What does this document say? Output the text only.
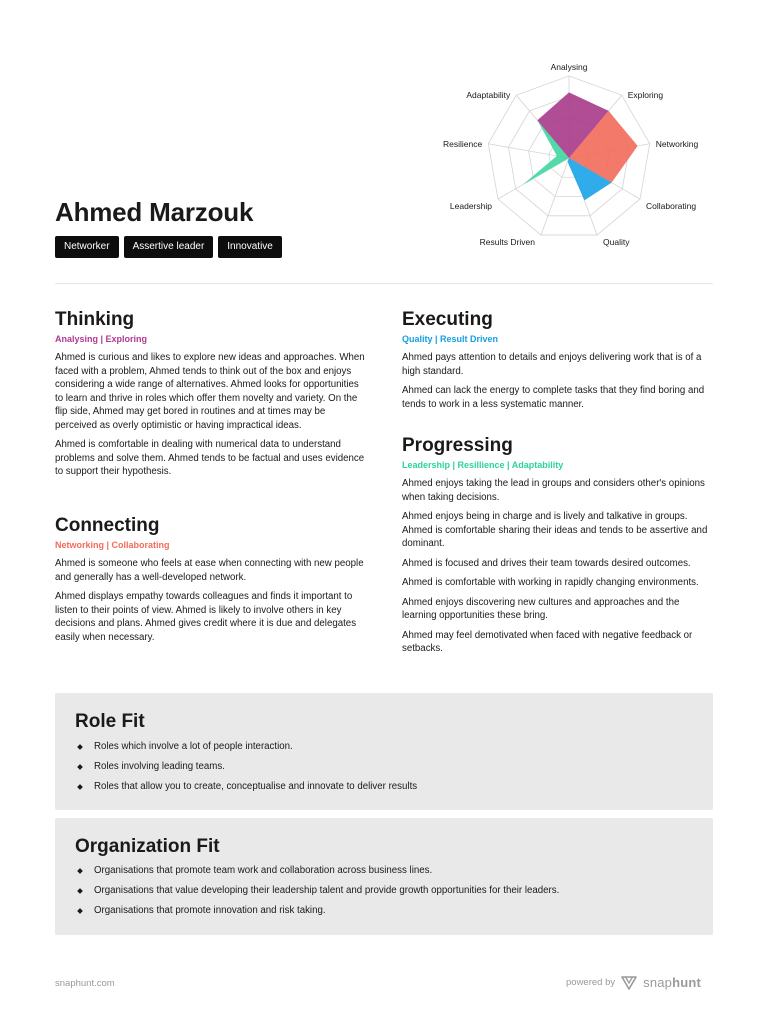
Ahmed Marzouk
Networker	Assertive leader	Innovative
Analysing
Exploring
Networking
Collaborating
Quality
Results Driven
Leadership
Resilience
Adaptability
Thinking
Analysing | Exploring

Ahmed is curious and likes to explore new ideas and approaches. When faced with a problem, Ahmed tends to think out of the box and enjoys considering a wide range of alternatives. Ahmed looks for opportunities to learn and thrive in roles which offer them novelty and variety. On the flip side, Ahmed may get bored in routines and at times may be perceived as overly optimistic or having impractical ideas.

Ahmed is comfortable in dealing with numerical data to understand problems and solve them. Ahmed tends to be factual and uses evidence to support their hypothesis.

Connecting
Networking | Collaborating

Ahmed is someone who feels at ease when connecting with new people and generally has a well-developed network.

Ahmed displays empathy towards colleagues and finds it important to listen to their points of view. Ahmed is likely to involve others in key decisions and plans. Ahmed gives credit where it is due and delegates easily when necessary.

Executing
Quality | Result Driven

Ahmed pays attention to details and enjoys delivering work that is of a high standard.

Ahmed can lack the energy to complete tasks that they find boring and tends to work in a less systematic manner.

Progressing
Leadership | Resillience | Adaptability

Ahmed enjoys taking the lead in groups and considers other's opinions when taking decisions.

Ahmed enjoys being in charge and is lively and talkative in groups. Ahmed is comfortable sharing their ideas and tends to be assertive and dominant.

Ahmed is focused and drives their team towards desired outcomes.

Ahmed is comfortable with working in rapidly changing environments.

Ahmed enjoys discovering new cultures and approaches and the learning opportunities these bring.

Ahmed may feel demotivated when faced with negative feedback or setbacks.

Role Fit
Roles which involve a lot of people interaction.
Roles involving leading teams.
Roles that allow you to create, conceptualise and innovate to deliver results
Organization Fit
Organisations that promote team work and collaboration across business lines.
Organisations that value developing their leadership talent and provide growth opportunities for their leaders.
Organisations that promote innovation and risk taking.
snaphunt.com	powered by snaphunt
